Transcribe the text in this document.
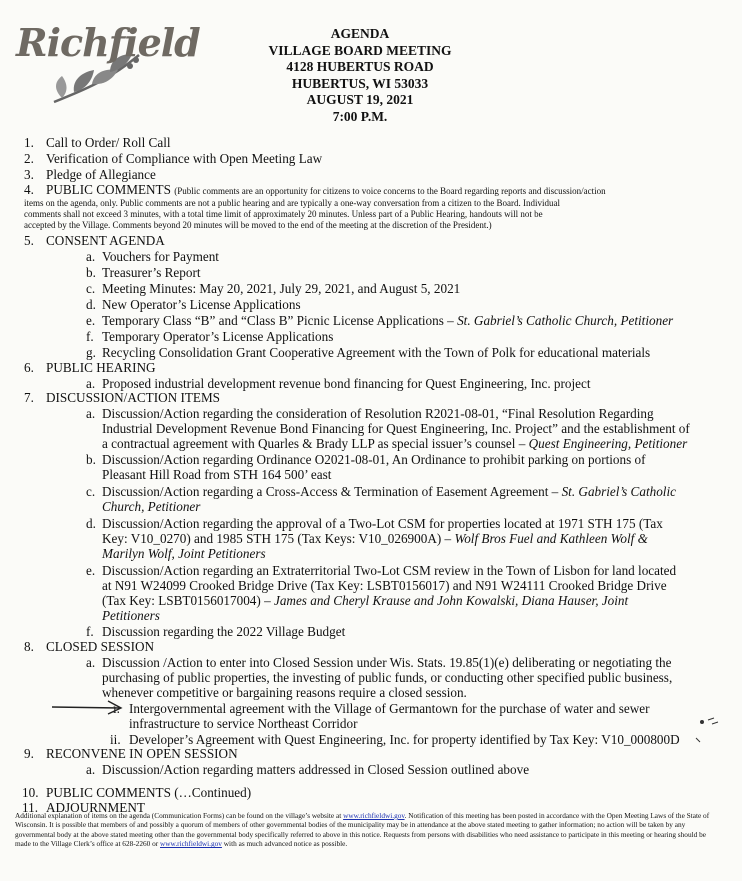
Richfield	AGENDA
VILLAGE BOARD MEETING
4128 HUBERTUS ROAD
HUBERTUS, WI 53033
AUGUST 19, 2021
7:00 P.M.
1. Call to Order/ Roll Call
2. Verification of Compliance with Open Meeting Law
3. Pledge of Allegiance
4. PUBLIC COMMENTS (Public comments are an opportunity for citizens to voice concerns to the Board regarding reports and discussion/action
items on the agenda, only. Public comments are not a public hearing and are typically a one-way conversation from a citizen to the Board. Individual
comments shall not exceed 3 minutes, with a total time limit of approximately 20 minutes. Unless part of a Public Hearing, handouts will not be
accepted by the Village. Comments beyond 20 minutes will be moved to the end of the meeting at the discretion of the President.)
5. CONSENT AGENDA
a. Vouchers for Payment
b. Treasurer’s Report
c. Meeting Minutes: May 20, 2021, July 29, 2021, and August 5, 2021
d. New Operator’s License Applications
e. Temporary Class “B” and “Class B” Picnic License Applications – St. Gabriel’s Catholic Church, Petitioner
f. Temporary Operator’s License Applications
g. Recycling Consolidation Grant Cooperative Agreement with the Town of Polk for educational materials
6. PUBLIC HEARING
a. Proposed industrial development revenue bond financing for Quest Engineering, Inc. project
7. DISCUSSION/ACTION ITEMS
a. Discussion/Action regarding the consideration of Resolution R2021-08-01, “Final Resolution Regarding
Industrial Development Revenue Bond Financing for Quest Engineering, Inc. Project” and the establishment of
a contractual agreement with Quarles & Brady LLP as special issuer’s counsel – Quest Engineering, Petitioner
b. Discussion/Action regarding Ordinance O2021-08-01, An Ordinance to prohibit parking on portions of
Pleasant Hill Road from STH 164 500’ east
c. Discussion/Action regarding a Cross-Access & Termination of Easement Agreement – St. Gabriel’s Catholic
Church, Petitioner
d. Discussion/Action regarding the approval of a Two-Lot CSM for properties located at 1971 STH 175 (Tax
Key: V10_0270) and 1985 STH 175 (Tax Keys: V10_026900A) – Wolf Bros Fuel and Kathleen Wolf &
Marilyn Wolf, Joint Petitioners
e. Discussion/Action regarding an Extraterritorial Two-Lot CSM review in the Town of Lisbon for land located
at N91 W24099 Crooked Bridge Drive (Tax Key: LSBT0156017) and N91 W24111 Crooked Bridge Drive
(Tax Key: LSBT0156017004) – James and Cheryl Krause and John Kowalski, Diana Hauser, Joint
Petitioners
f. Discussion regarding the 2022 Village Budget
8. CLOSED SESSION
a. Discussion /Action to enter into Closed Session under Wis. Stats. 19.85(1)(e) deliberating or negotiating the
purchasing of public properties, the investing of public funds, or conducting other specified public business,
whenever competitive or bargaining reasons require a closed session.
i. Intergovernmental agreement with the Village of Germantown for the purchase of water and sewer
infrastructure to service Northeast Corridor
ii. Developer’s Agreement with Quest Engineering, Inc. for property identified by Tax Key: V10_000800D
9. RECONVENE IN OPEN SESSION
a. Discussion/Action regarding matters addressed in Closed Session outlined above
10. PUBLIC COMMENTS (…Continued)
11. ADJOURNMENT
Additional explanation of items on the agenda (Communication Forms) can be found on the village’s website at www.richfieldwi.gov. Notification of this meeting has been posted in accordance with the Open Meeting Laws of the State of Wisconsin. It is possible that members of and possibly a quorum of members of other governmental bodies of the municipality may be in attendance at the above stated meeting to gather information; no action will be taken by any governmental body at the above stated meeting other than the governmental body specifically referred to above in this notice. Requests from persons with disabilities who need assistance to participate in this meeting or hearing should be made to the Village Clerk’s office at 628-2260 or www.richfieldwi.gov with as much advanced notice as possible.
